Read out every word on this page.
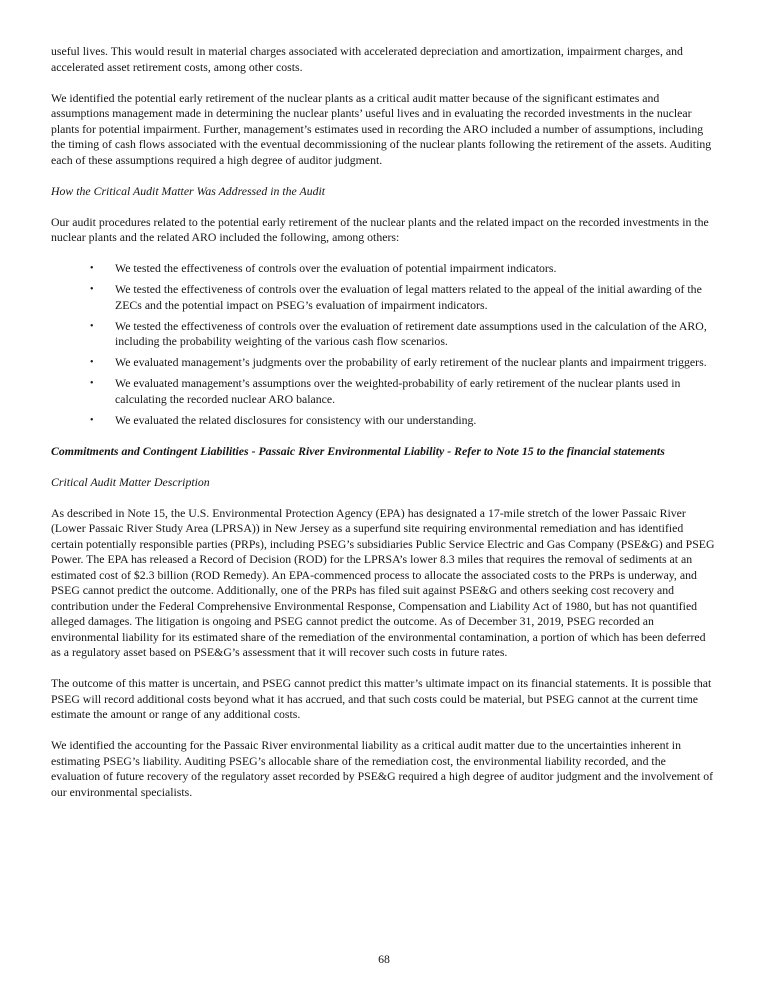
useful lives. This would result in material charges associated with accelerated depreciation and amortization, impairment charges, and accelerated asset retirement costs, among other costs.

We identified the potential early retirement of the nuclear plants as a critical audit matter because of the significant estimates and assumptions management made in determining the nuclear plants’ useful lives and in evaluating the recorded investments in the nuclear plants for potential impairment. Further, management’s estimates used in recording the ARO included a number of assumptions, including the timing of cash flows associated with the eventual decommissioning of the nuclear plants following the retirement of the assets. Auditing each of these assumptions required a high degree of auditor judgment.

How the Critical Audit Matter Was Addressed in the Audit

Our audit procedures related to the potential early retirement of the nuclear plants and the related impact on the recorded investments in the nuclear plants and the related ARO included the following, among others:

• We tested the effectiveness of controls over the evaluation of potential impairment indicators.
• We tested the effectiveness of controls over the evaluation of legal matters related to the appeal of the initial awarding of the ZECs and the potential impact on PSEG’s evaluation of impairment indicators.
• We tested the effectiveness of controls over the evaluation of retirement date assumptions used in the calculation of the ARO, including the probability weighting of the various cash flow scenarios.
• We evaluated management’s judgments over the probability of early retirement of the nuclear plants and impairment triggers.
• We evaluated management’s assumptions over the weighted-probability of early retirement of the nuclear plants used in calculating the recorded nuclear ARO balance.
• We evaluated the related disclosures for consistency with our understanding.

Commitments and Contingent Liabilities - Passaic River Environmental Liability - Refer to Note 15 to the financial statements

Critical Audit Matter Description

As described in Note 15, the U.S. Environmental Protection Agency (EPA) has designated a 17-mile stretch of the lower Passaic River (Lower Passaic River Study Area (LPRSA)) in New Jersey as a superfund site requiring environmental remediation and has identified certain potentially responsible parties (PRPs), including PSEG’s subsidiaries Public Service Electric and Gas Company (PSE&G) and PSEG Power. The EPA has released a Record of Decision (ROD) for the LPRSA’s lower 8.3 miles that requires the removal of sediments at an estimated cost of $2.3 billion (ROD Remedy). An EPA-commenced process to allocate the associated costs to the PRPs is underway, and PSEG cannot predict the outcome. Additionally, one of the PRPs has filed suit against PSE&G and others seeking cost recovery and contribution under the Federal Comprehensive Environmental Response, Compensation and Liability Act of 1980, but has not quantified alleged damages. The litigation is ongoing and PSEG cannot predict the outcome. As of December 31, 2019, PSEG recorded an environmental liability for its estimated share of the remediation of the environmental contamination, a portion of which has been deferred as a regulatory asset based on PSE&G’s assessment that it will recover such costs in future rates.

The outcome of this matter is uncertain, and PSEG cannot predict this matter’s ultimate impact on its financial statements. It is possible that PSEG will record additional costs beyond what it has accrued, and that such costs could be material, but PSEG cannot at the current time estimate the amount or range of any additional costs.

We identified the accounting for the Passaic River environmental liability as a critical audit matter due to the uncertainties inherent in estimating PSEG’s liability. Auditing PSEG’s allocable share of the remediation cost, the environmental liability recorded, and the evaluation of future recovery of the regulatory asset recorded by PSE&G required a high degree of auditor judgment and the involvement of our environmental specialists.

68
